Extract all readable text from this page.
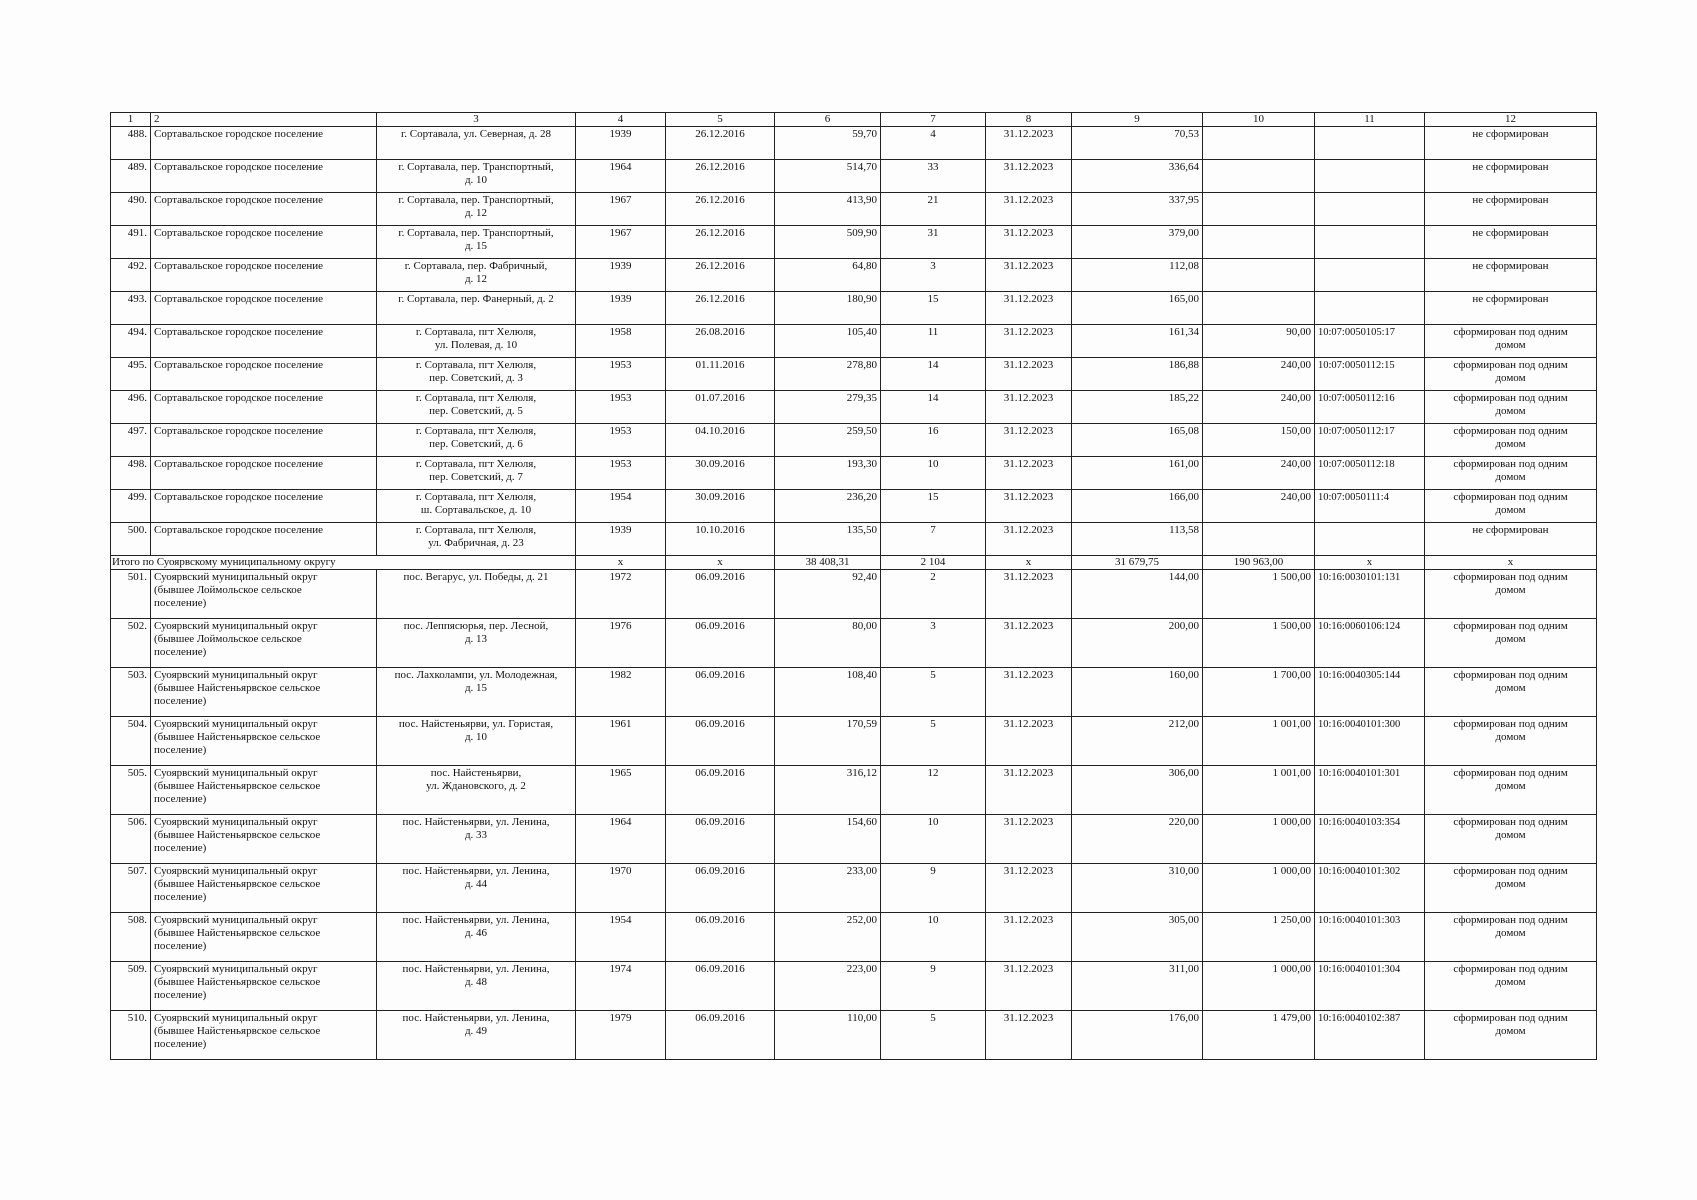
1	2	3	4	5	6	7	8	9	10	11	12

488.	Сортавальское городское поселение	г. Сортавала, ул. Северная, д. 28	1939	26.12.2016	59,70	4	31.12.2023	70,53			не сформирован

489.	Сортавальское городское поселение	г. Сортавала, пер. Транспортный,
д. 10	1964	26.12.2016	514,70	33	31.12.2023	336,64			не сформирован

490.	Сортавальское городское поселение	г. Сортавала, пер. Транспортный,
д. 12	1967	26.12.2016	413,90	21	31.12.2023	337,95			не сформирован

491.	Сортавальское городское поселение	г. Сортавала, пер. Транспортный,
д. 15	1967	26.12.2016	509,90	31	31.12.2023	379,00			не сформирован

492.	Сортавальское городское поселение	г. Сортавала, пер. Фабричный,
д. 12	1939	26.12.2016	64,80	3	31.12.2023	112,08			не сформирован

493.	Сортавальское городское поселение	г. Сортавала, пер. Фанерный, д. 2	1939	26.12.2016	180,90	15	31.12.2023	165,00			не сформирован

494.	Сортавальское городское поселение	г. Сортавала, пгт Хелюля,
ул. Полевая, д. 10	1958	26.08.2016	105,40	11	31.12.2023	161,34	90,00	10:07:0050105:17	сформирован под одним
домом

495.	Сортавальское городское поселение	г. Сортавала, пгт Хелюля,
пер. Советский, д. 3	1953	01.11.2016	278,80	14	31.12.2023	186,88	240,00	10:07:0050112:15	сформирован под одним
домом

496.	Сортавальское городское поселение	г. Сортавала, пгт Хелюля,
пер. Советский, д. 5	1953	01.07.2016	279,35	14	31.12.2023	185,22	240,00	10:07:0050112:16	сформирован под одним
домом

497.	Сортавальское городское поселение	г. Сортавала, пгт Хелюля,
пер. Советский, д. 6	1953	04.10.2016	259,50	16	31.12.2023	165,08	150,00	10:07:0050112:17	сформирован под одним
домом

498.	Сортавальское городское поселение	г. Сортавала, пгт Хелюля,
пер. Советский, д. 7	1953	30.09.2016	193,30	10	31.12.2023	161,00	240,00	10:07:0050112:18	сформирован под одним
домом

499.	Сортавальское городское поселение	г. Сортавала, пгт Хелюля,
ш. Сортавальское, д. 10	1954	30.09.2016	236,20	15	31.12.2023	166,00	240,00	10:07:0050111:4	сформирован под одним
домом

500.	Сортавальское городское поселение	г. Сортавала, пгт Хелюля,
ул. Фабричная, д. 23	1939	10.10.2016	135,50	7	31.12.2023	113,58			не сформирован

Итого по Суоярвскому муниципальному округу			x	x	38 408,31	2 104	x	31 679,75	190 963,00	x	x

501.	Суоярвский муниципальный округ
(бывшее Лоймольское сельское
поселение)	пос. Вегарус, ул. Победы, д. 21	1972	06.09.2016	92,40	2	31.12.2023	144,00	1 500,00	10:16:0030101:131	сформирован под одним
домом

502.	Суоярвский муниципальный округ
(бывшее Лоймольское сельское
поселение)	пос. Леппясюрья, пер. Лесной,
д. 13	1976	06.09.2016	80,00	3	31.12.2023	200,00	1 500,00	10:16:0060106:124	сформирован под одним
домом

503.	Суоярвский муниципальный округ
(бывшее Найстеньярвское сельское
поселение)	пос. Лахколампи, ул. Молодежная,
д. 15	1982	06.09.2016	108,40	5	31.12.2023	160,00	1 700,00	10:16:0040305:144	сформирован под одним
домом

504.	Суоярвский муниципальный округ
(бывшее Найстеньярвское сельское
поселение)	пос. Найстеньярви, ул. Гористая,
д. 10	1961	06.09.2016	170,59	5	31.12.2023	212,00	1 001,00	10:16:0040101:300	сформирован под одним
домом

505.	Суоярвский муниципальный округ
(бывшее Найстеньярвское сельское
поселение)	пос. Найстеньярви,
ул. Ждановского, д. 2	1965	06.09.2016	316,12	12	31.12.2023	306,00	1 001,00	10:16:0040101:301	сформирован под одним
домом

506.	Суоярвский муниципальный округ
(бывшее Найстеньярвское сельское
поселение)	пос. Найстеньярви, ул. Ленина,
д. 33	1964	06.09.2016	154,60	10	31.12.2023	220,00	1 000,00	10:16:0040103:354	сформирован под одним
домом

507.	Суоярвский муниципальный округ
(бывшее Найстеньярвское сельское
поселение)	пос. Найстеньярви, ул. Ленина,
д. 44	1970	06.09.2016	233,00	9	31.12.2023	310,00	1 000,00	10:16:0040101:302	сформирован под одним
домом

508.	Суоярвский муниципальный округ
(бывшее Найстеньярвское сельское
поселение)	пос. Найстеньярви, ул. Ленина,
д. 46	1954	06.09.2016	252,00	10	31.12.2023	305,00	1 250,00	10:16:0040101:303	сформирован под одним
домом

509.	Суоярвский муниципальный округ
(бывшее Найстеньярвское сельское
поселение)	пос. Найстеньярви, ул. Ленина,
д. 48	1974	06.09.2016	223,00	9	31.12.2023	311,00	1 000,00	10:16:0040101:304	сформирован под одним
домом

510.	Суоярвский муниципальный округ
(бывшее Найстеньярвское сельское
поселение)	пос. Найстеньярви, ул. Ленина,
д. 49	1979	06.09.2016	110,00	5	31.12.2023	176,00	1 479,00	10:16:0040102:387	сформирован под одним
домом
